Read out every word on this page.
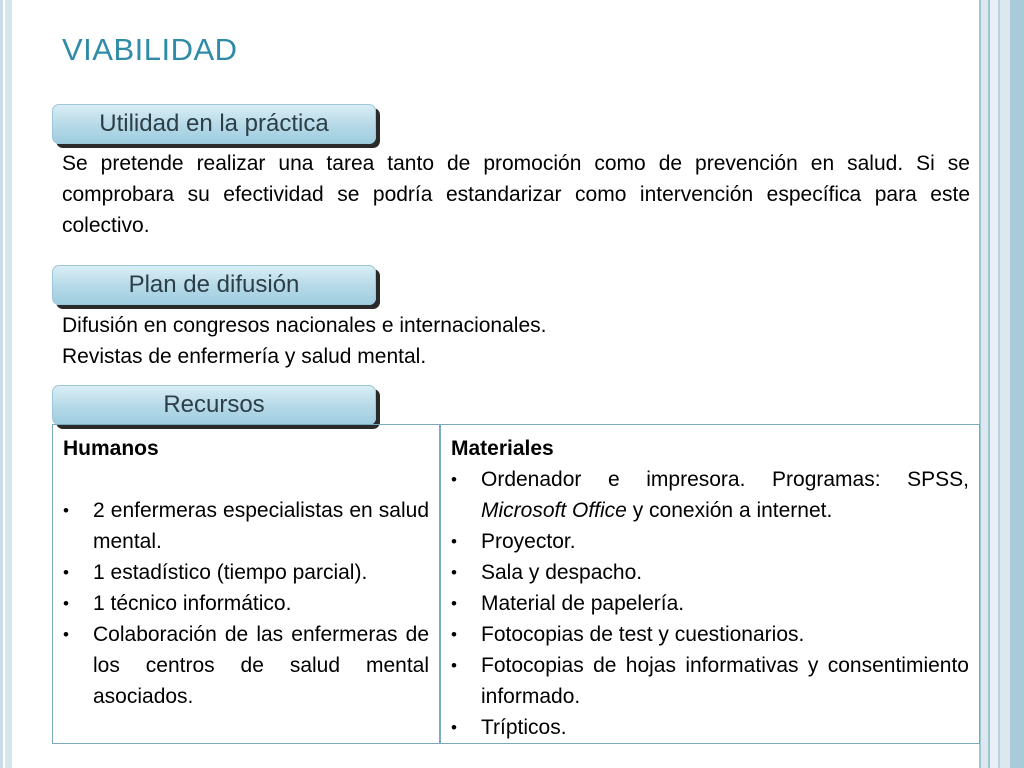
VIABILIDAD
Utilidad en la práctica

Se pretende realizar una tarea tanto de promoción como de prevención en salud. Si se comprobara su efectividad se podría estandarizar como intervención específica para este colectivo.

Plan de difusión
Difusión en congresos nacionales e internacionales.
Revistas de enfermería y salud mental.
Recursos
Humanos
• 2 enfermeras especialistas en salud mental.
• 1 estadístico (tiempo parcial).
• 1 técnico informático.
• Colaboración de las enfermeras de los centros de salud mental asociados.
Materiales
• Ordenador e impresora. Programas: SPSS, Microsoft Office y conexión a internet.
• Proyector.
• Sala y despacho.
• Material de papelería.
• Fotocopias de test y cuestionarios.
• Fotocopias de hojas informativas y consentimiento informado.
• Trípticos.
